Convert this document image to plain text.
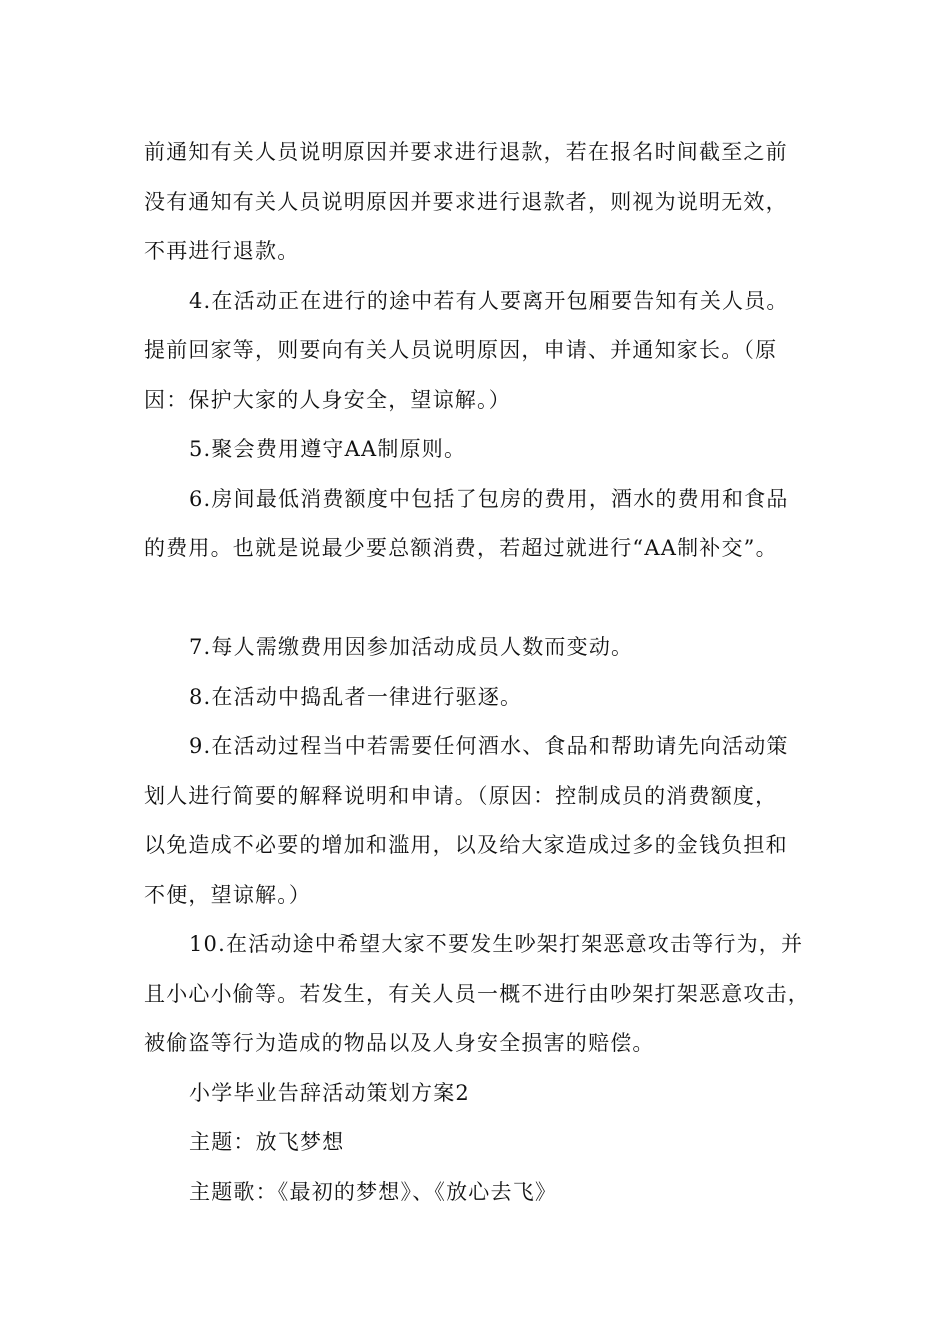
前通知有关人员说明原因并要求进行退款，若在报名时间截至之前
没有通知有关人员说明原因并要求进行退款者，则视为说明无效，
不再进行退款。
4.在活动正在进行的途中若有人要离开包厢要告知有关人员。
提前回家等，则要向有关人员说明原因，申请、并通知家长。（原
因：保护大家的人身安全，望谅解。）
5.聚会费用遵守AA制原则。
6.房间最低消费额度中包括了包房的费用，酒水的费用和食品
的费用。也就是说最少要总额消费，若超过就进行“AA制补交”。
7.每人需缴费用因参加活动成员人数而变动。
8.在活动中捣乱者一律进行驱逐。
9.在活动过程当中若需要任何酒水、食品和帮助请先向活动策
划人进行简要的解释说明和申请。（原因：控制成员的消费额度，
以免造成不必要的增加和滥用，以及给大家造成过多的金钱负担和
不便，望谅解。）
10.在活动途中希望大家不要发生吵架打架恶意攻击等行为，并
且小心小偷等。若发生，有关人员一概不进行由吵架打架恶意攻击，
被偷盗等行为造成的物品以及人身安全损害的赔偿。
小学毕业告辞活动策划方案2
主题：放飞梦想
主题歌：《最初的梦想》、《放心去飞》
